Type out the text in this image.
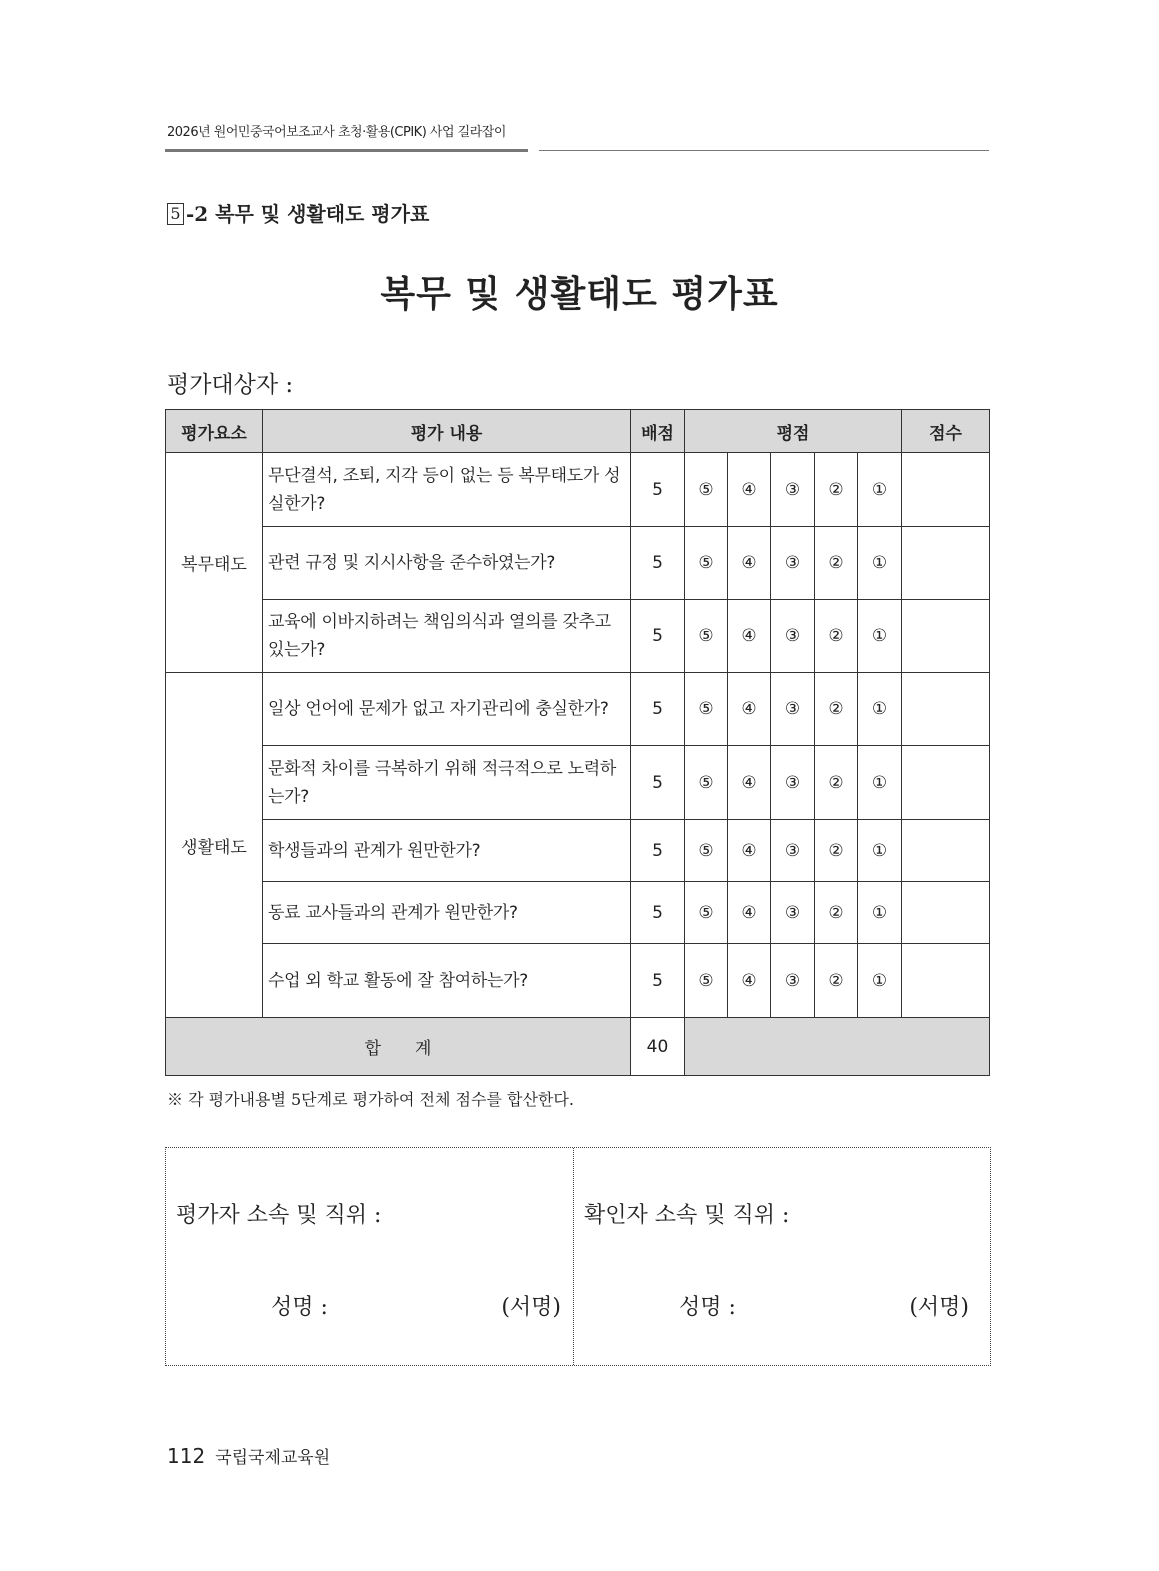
2026년 원어민중국어보조교사 초청·활용(CPIK) 사업 길라잡이
5 -2 복무 및 생활태도 평가표
복무 및 생활태도 평가표
평가대상자 :
평가요소	평가 내용	배점	평점					점수
복무태도	무단결석, 조퇴, 지각 등이 없는 등 복무태도가 성실한가?	5	⑤	④	③	②	①	
	관련 규정 및 지시사항을 준수하였는가?	5	⑤	④	③	②	①	
	교육에 이바지하려는 책임의식과 열의를 갖추고 있는가?	5	⑤	④	③	②	①	
생활태도	일상 언어에 문제가 없고 자기관리에 충실한가?	5	⑤	④	③	②	①	
	문화적 차이를 극복하기 위해 적극적으로 노력하는가?	5	⑤	④	③	②	①	
	학생들과의 관계가 원만한가?	5	⑤	④	③	②	①	
	동료 교사들과의 관계가 원만한가?	5	⑤	④	③	②	①	
	수업 외 학교 활동에 잘 참여하는가?	5	⑤	④	③	②	①	
합　　계		40						
※ 각 평가내용별 5단계로 평가하여 전체 점수를 합산한다.
평가자 소속 및 직위 :
성명 :	(서명)
확인자 소속 및 직위 :
성명 :	(서명)
112 국립국제교육원
